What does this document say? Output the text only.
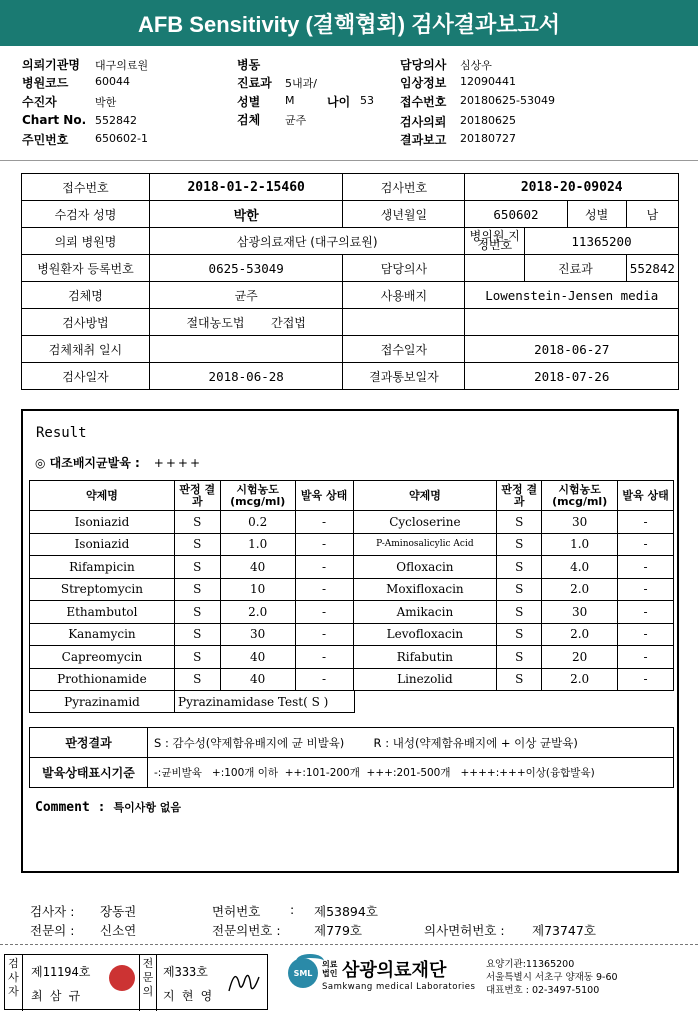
AFB Sensitivity (결핵협회) 검사결과보고서
의뢰기관명 대구의료원
병원코드 60044
수진자	박한
Chart No. 552842
주민번호 650602-1
병동
진료과 5내과/
성별 M	나이 53
검체 균주
담당의사 심상우
임상정보 12090441
접수번호 20180625-53049
검사의뢰 20180625
결과보고 20180727
접수번호	2018-01-2-15460	검사번호	2018-20-09024			
수검자 성명	박한	생년월일	650602		성별	남
의뢰 병원명	삼광의료재단 (대구의료원)		병의원 지정번호	11365200		
병원환자 등록번호	0625-53049	담당의사		진료과		552842
검체명	균주	사용배지	Lowenstein-Jensen media			
검사방법	절대농도법 간접법					
검체채취 일시		접수일자	2018-06-27			
검사일자	2018-06-28	결과통보일자	2018-07-26			
Result
◎ 대조배지균발육 : ++++
약제명	판정 결과	시험농도 (mcg/ml)	발육 상태	약제명	판정 결과	시험농도 (mcg/ml)	발육 상태
Isoniazid	S	0.2	-	Cycloserine	S	30	-
Isoniazid	S	1.0	-	P-Aminosalicylic Acid	S	1.0	-
Rifampicin	S	40	-	Ofloxacin	S	4.0	-
Streptomycin	S	10	-	Moxifloxacin	S	2.0	-
Ethambutol	S	2.0	-	Amikacin	S	30	-
Kanamycin	S	30	-	Levofloxacin	S	2.0	-
Capreomycin	S	40	-	Rifabutin	S	20	-
Prothionamide	S	40	-	Linezolid	S	2.0	-
Pyrazinamid	Pyrazinamidase Test( S )
판정결과	S : 감수성(약제함유배지에 균 비발육) R : 내성(약제함유배지에 + 이상 균발육)
발육상태표시기준	-:균비발육   +:100개 이하  ++:101-200개  +++:201-500개   ++++:+++이상(융합발육)
Comment : 특이사항 없음
검사자 : 장동권	면허번호 : 제53894호
전문의 : 신소연	전문의번호 :	제779호	의사면허번호 : 제73747호
검사자
제11194호
최 삼 규
전문의
제333호
지 현 영
SML
의료법인 삼광의료재단
Samkwang medical Laboratories
요양기관:11365200
서울특별시 서초구 양재동 9-60
대표번호 : 02-3497-5100
